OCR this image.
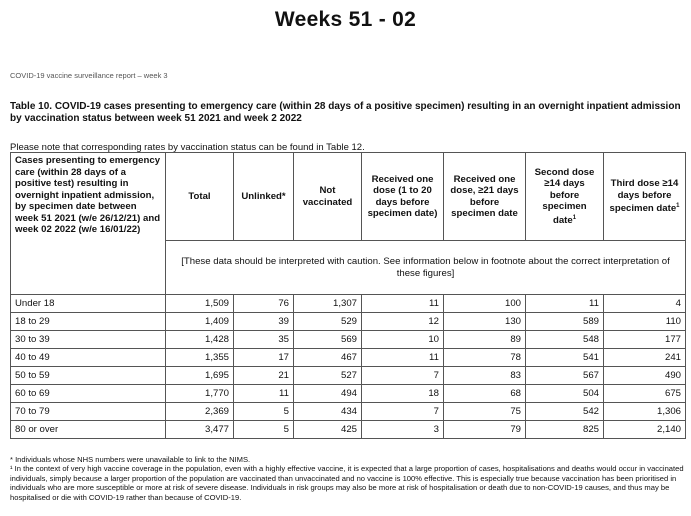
Weeks 51 - 02
COVID-19 vaccine surveillance report – week 3
Table 10. COVID-19 cases presenting to emergency care (within 28 days of a positive specimen) resulting in an overnight inpatient admission by vaccination status between week 51 2021 and week 2 2022
Please note that corresponding rates by vaccination status can be found in Table 12.
Cases presenting to emergency care (within 28 days of a positive test) resulting in overnight inpatient admission, by specimen date between week 51 2021 (w/e 26/12/21) and week 02 2022 (w/e 16/01/22)	Total	Unlinked*	Not vaccinated	Received one dose (1 to 20 days before specimen date)	Received one dose, ≥21 days before specimen date	Second dose ≥14 days before specimen date$^1$	Third dose ≥14 days before specimen date$^1$
	[These data should be interpreted with caution. See information below in footnote about the correct interpretation of these figures]						
Under 18	1,509	76	1,307	11	100	11	4
18 to 29	1,409	39	529	12	130	589	110
30 to 39	1,428	35	569	10	89	548	177
40 to 49	1,355	17	467	11	78	541	241
50 to 59	1,695	21	527	7	83	567	490
60 to 69	1,770	11	494	18	68	504	675
70 to 79	2,369	5	434	7	75	542	1,306
80 or over	3,477	5	425	3	79	825	2,140

* Individuals whose NHS numbers were unavailable to link to the NIMS.

¹ In the context of very high vaccine coverage in the population, even with a highly effective vaccine, it is expected that a large proportion of cases, hospitalisations and deaths would occur in vaccinated individuals, simply because a larger proportion of the population are vaccinated than unvaccinated and no vaccine is 100% effective. This is especially true because vaccination has been prioritised in individuals who are more susceptible or more at risk of severe disease. Individuals in risk groups may also be more at risk of hospitalisation or death due to non-COVID-19 causes, and thus may be hospitalised or die with COVID-19 rather than because of COVID-19.
